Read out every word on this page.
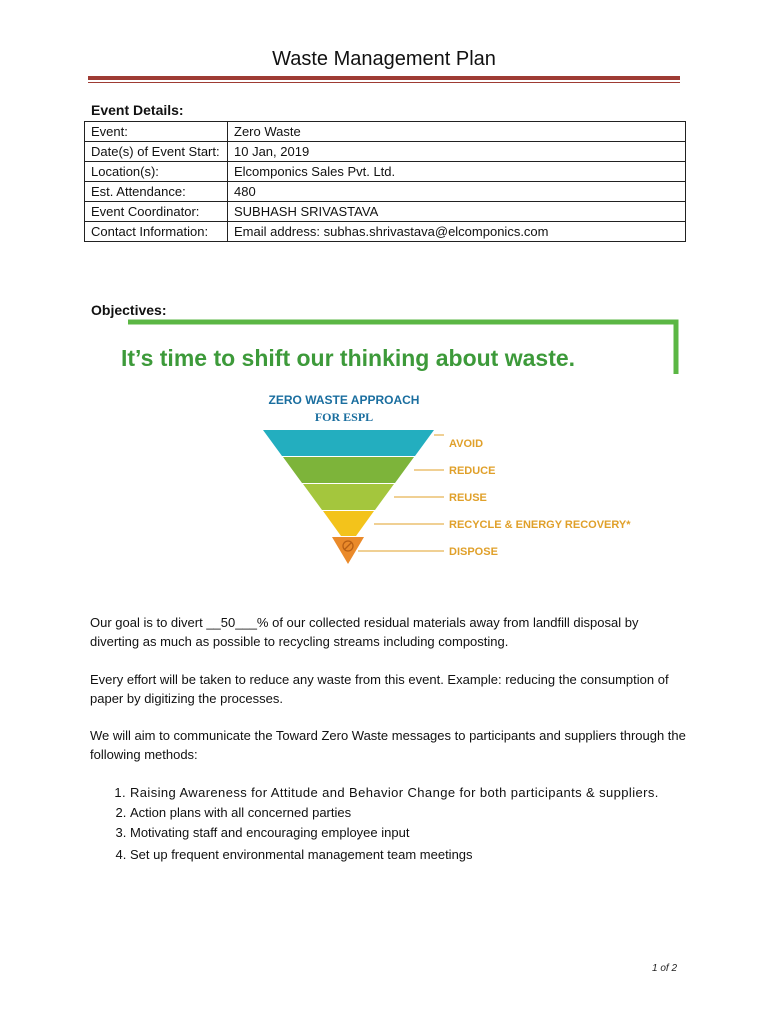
Waste Management Plan
Event Details:
Event:	Zero Waste
Date(s) of Event Start:	10 Jan, 2019
Location(s):	Elcomponics Sales Pvt. Ltd.
Est. Attendance:	480
Event Coordinator:	SUBHASH SRIVASTAVA
Contact Information:	Email address: subhas.shrivastava@elcomponics.com
Objectives:
It’s time to shift our thinking about waste.
ZERO WASTE APPROACH
FOR ESPL
AVOID
REDUCE
REUSE
RECYCLE & ENERGY RECOVERY*
DISPOSE
Our goal is to divert __50___% of our collected residual materials away from landfill disposal by diverting as much as possible to recycling streams including composting.
Every effort will be taken to reduce any waste from this event. Example: reducing the consumption of paper by digitizing the processes.
We will aim to communicate the Toward Zero Waste messages to participants and suppliers through the following methods:
1. Raising Awareness for Attitude and Behavior Change for both participants & suppliers.
2. Action plans with all concerned parties
3. Motivating staff and encouraging employee input
4. Set up frequent environmental management team meetings
1 of 2
